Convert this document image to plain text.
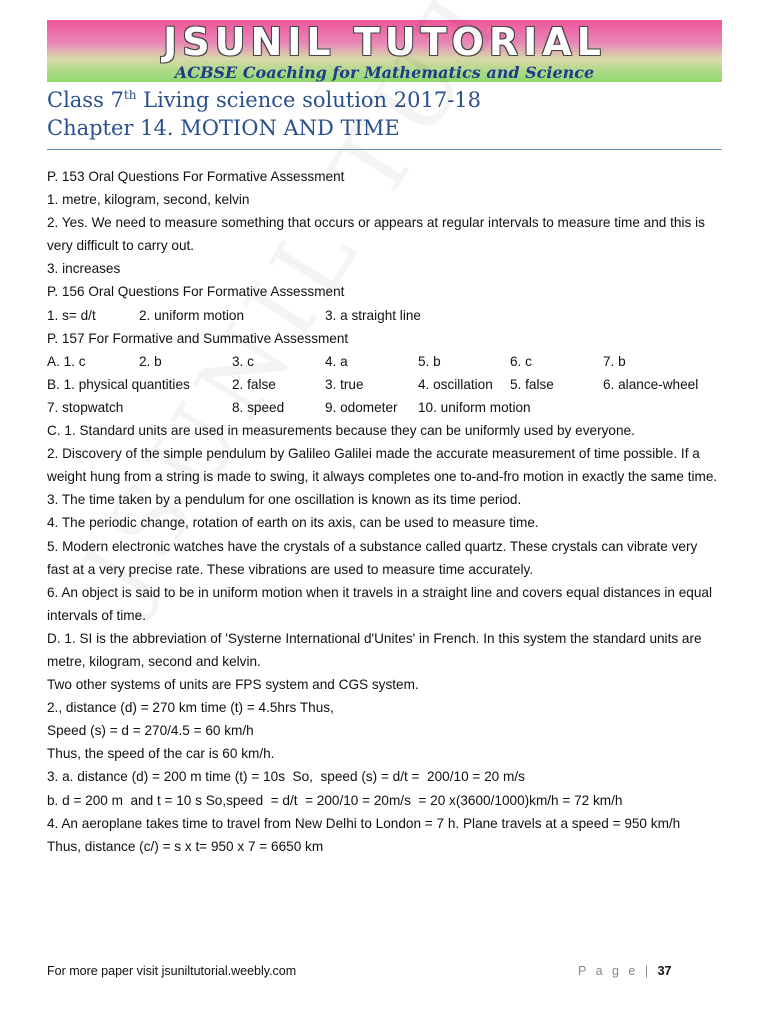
JSUNIL TUTORIAL
ACBSE Coaching for Mathematics and Science
Class 7th Living science solution 2017-18
Chapter 14. MOTION AND TIME
P. 153 Oral Questions For Formative Assessment
1. metre, kilogram, second, kelvin
2. Yes. We need to measure something that occurs or appears at regular intervals to measure time and this is very difficult to carry out.
3. increases
P. 156 Oral Questions For Formative Assessment
1. s= d/t	2. uniform motion	3. a straight line
P. 157 For Formative and Summative Assessment
A. 1. c	2. b	3. c	4. a	5. b	6. c	7. b
B. 1. physical quantities	2. false	3. true	4. oscillation	5. false	6. alance-wheel
7. stopwatch	8. speed	9. odometer	10. uniform motion
C. 1. Standard units are used in measurements because they can be uniformly used by everyone.
2. Discovery of the simple pendulum by Galileo Galilei made the accurate measurement of time possible. If a weight hung from a string is made to swing, it always completes one to-and-fro motion in exactly the same time.
3. The time taken by a pendulum for one oscillation is known as its time period.
4. The periodic change, rotation of earth on its axis, can be used to measure time.
5. Modern electronic watches have the crystals of a substance called quartz. These crystals can vibrate very fast at a very precise rate. These vibrations are used to measure time accurately.
6. An object is said to be in uniform motion when it travels in a straight line and covers equal distances in equal intervals of time.
D. 1. SI is the abbreviation of 'Systerne International d'Unites' in French. In this system the standard units are metre, kilogram, second and kelvin.
Two other systems of units are FPS system and CGS system.
2., distance (d) = 270 km time (t) = 4.5hrs Thus,
Speed (s) = d = 270/4.5 = 60 km/h
Thus, the speed of the car is 60 km/h.
3. a. distance (d) = 200 m time (t) = 10s  So,  speed (s) = d/t =  200/10 = 20 m/s
b. d = 200 m  and t = 10 s So,speed  = d/t  = 200/10 = 20m/s  = 20 x(3600/1000)km/h = 72 km/h
4. An aeroplane takes time to travel from New Delhi to London = 7 h. Plane travels at a speed = 950 km/h
Thus, distance (c/) = s x t= 950 x 7 = 6650 km
For more paper visit jsuniltutorial.weebly.com	P a g e | 37
